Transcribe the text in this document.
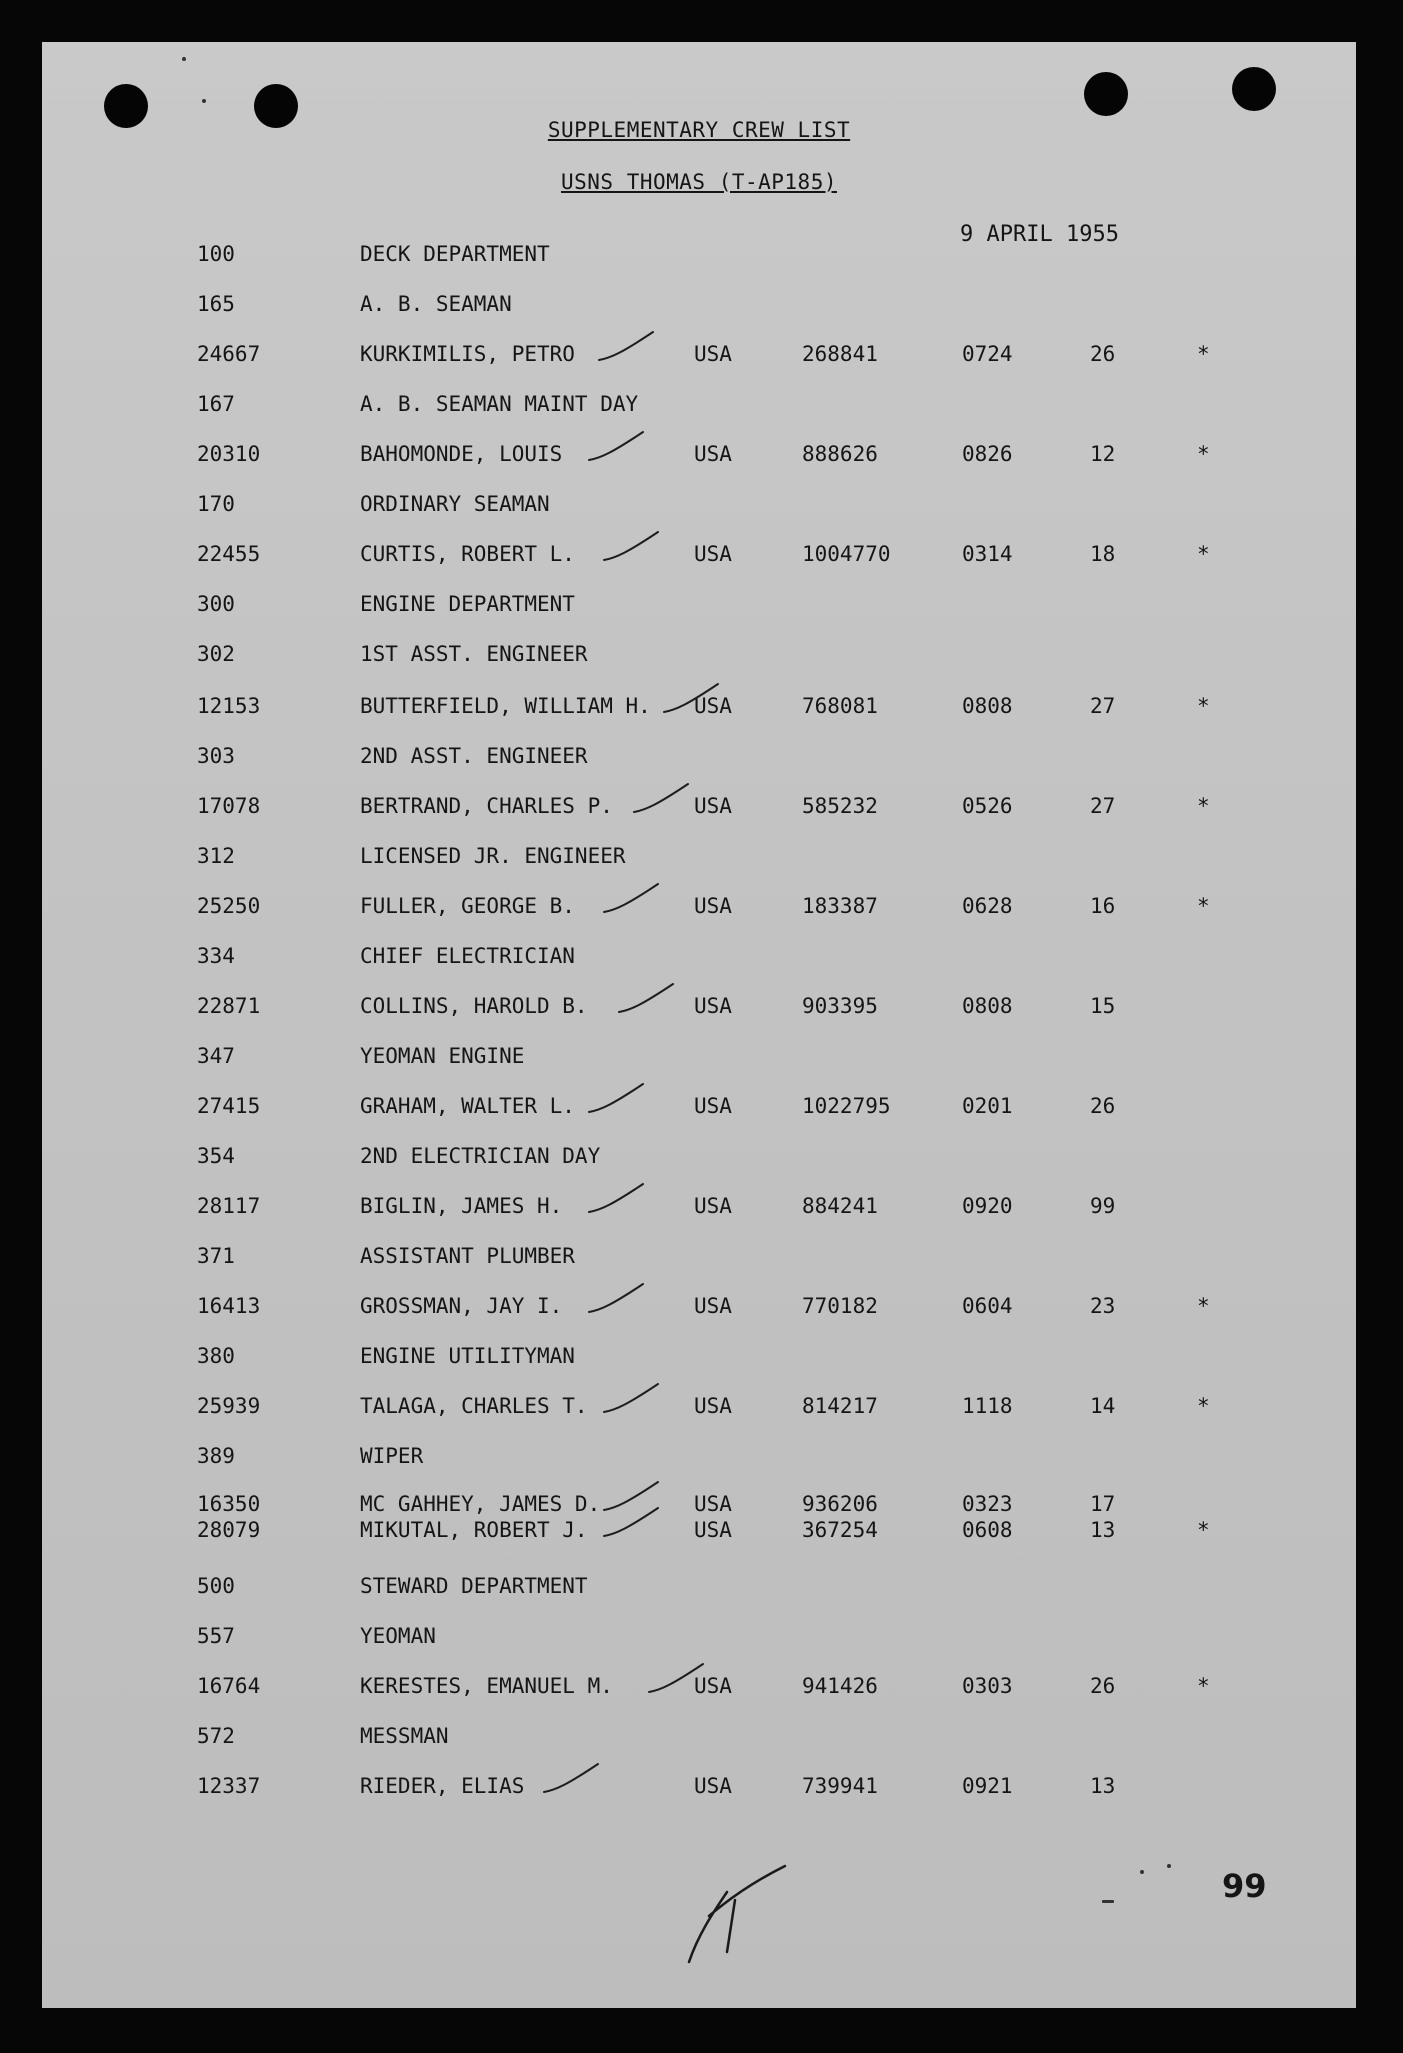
SUPPLEMENTARY CREW LIST
USNS THOMAS (T-AP185)
9 APRIL 1955
100	DECK DEPARTMENT
165	A. B. SEAMAN
24667	KURKIMILIS, PETRO	USA	268841	0724	26	*
167	A. B. SEAMAN MAINT DAY
20310	BAHOMONDE, LOUIS	USA	888626	0826	12	*
170	ORDINARY SEAMAN
22455	CURTIS, ROBERT L.	USA	1004770	0314	18	*
300	ENGINE DEPARTMENT
302	1ST ASST. ENGINEER
12153	BUTTERFIELD, WILLIAM H. USA	768081	0808	27	*
303	2ND ASST. ENGINEER
17078	BERTRAND, CHARLES P.	USA	585232	0526	27	*
312	LICENSED JR. ENGINEER
25250	FULLER, GEORGE B.	USA	183387	0628	16	*
334	CHIEF ELECTRICIAN
22871	COLLINS, HAROLD B.	USA	903395	0808	15
347	YEOMAN ENGINE
27415	GRAHAM, WALTER L.	USA	1022795	0201	26
354	2ND ELECTRICIAN DAY
28117	BIGLIN, JAMES H.	USA	884241	0920	99
371	ASSISTANT PLUMBER
16413	GROSSMAN, JAY I.	USA	770182	0604	23	*
380	ENGINE UTILITYMAN
25939	TALAGA, CHARLES T.	USA	814217	1118	14	*
389	WIPER
16350	MC GAHHEY, JAMES D.	USA	936206	0323	17
28079	MIKUTAL, ROBERT J.	USA	367254	0608	13	*
500	STEWARD DEPARTMENT
557	YEOMAN
16764	KERESTES, EMANUEL M.	USA	941426	0303	26	*
572	MESSMAN
12337	RIEDER, ELIAS	USA	739941	0921	13
99
